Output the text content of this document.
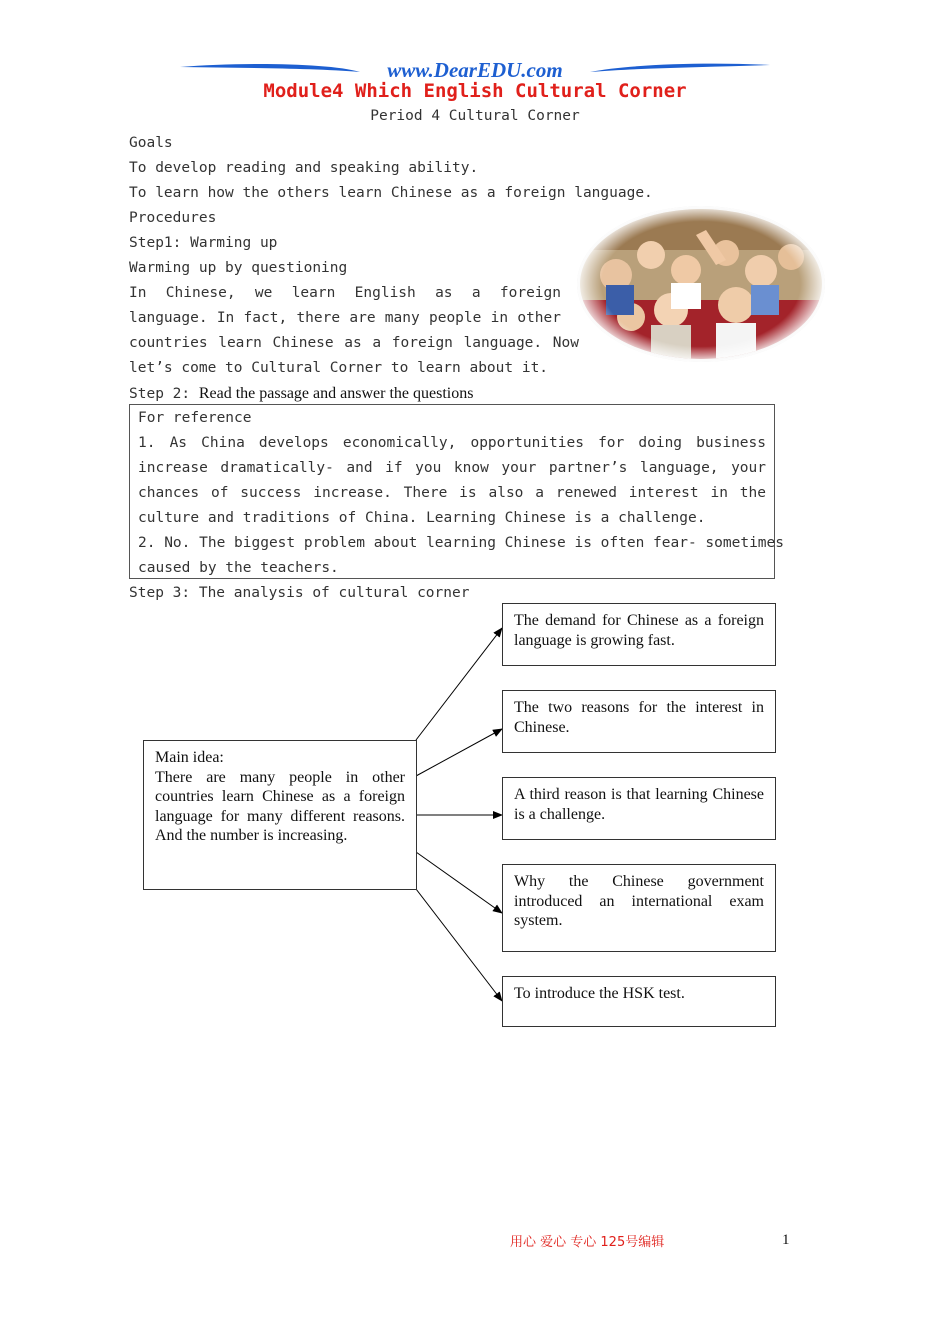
www.DearEDU.com
Module4 Which English Cultural Corner
Period 4 Cultural Corner
Goals
To develop reading and speaking ability.
To learn how the others learn Chinese as a foreign language.
Procedures
Step1: Warming up
Warming up by questioning
In Chinese, we learn English as a foreign
language. In fact, there are many people in other
countries learn Chinese as a foreign language. Now
let’s come to Cultural Corner to learn about it.
Step 2: Read the passage and answer the questions
For reference
1. As China develops economically, opportunities for doing business
increase dramatically- and if you know your partner’s language, your
chances of success increase. There is also a renewed interest in the
culture and traditions of China. Learning Chinese is a challenge.
2. No. The biggest problem about learning Chinese is often fear- sometimes
caused by the teachers.
Step 3: The analysis of cultural corner
Main idea:
There are many people in other countries learn Chinese as a foreign language for many different reasons. And the number is increasing.
The demand for Chinese as a foreign language is growing fast.
The two reasons for the interest in Chinese.
A third reason is that learning Chinese is a challenge.
Why the Chinese government introduced an international exam system.
To introduce the HSK test.
用心 爱心 专心 125号编辑	1
